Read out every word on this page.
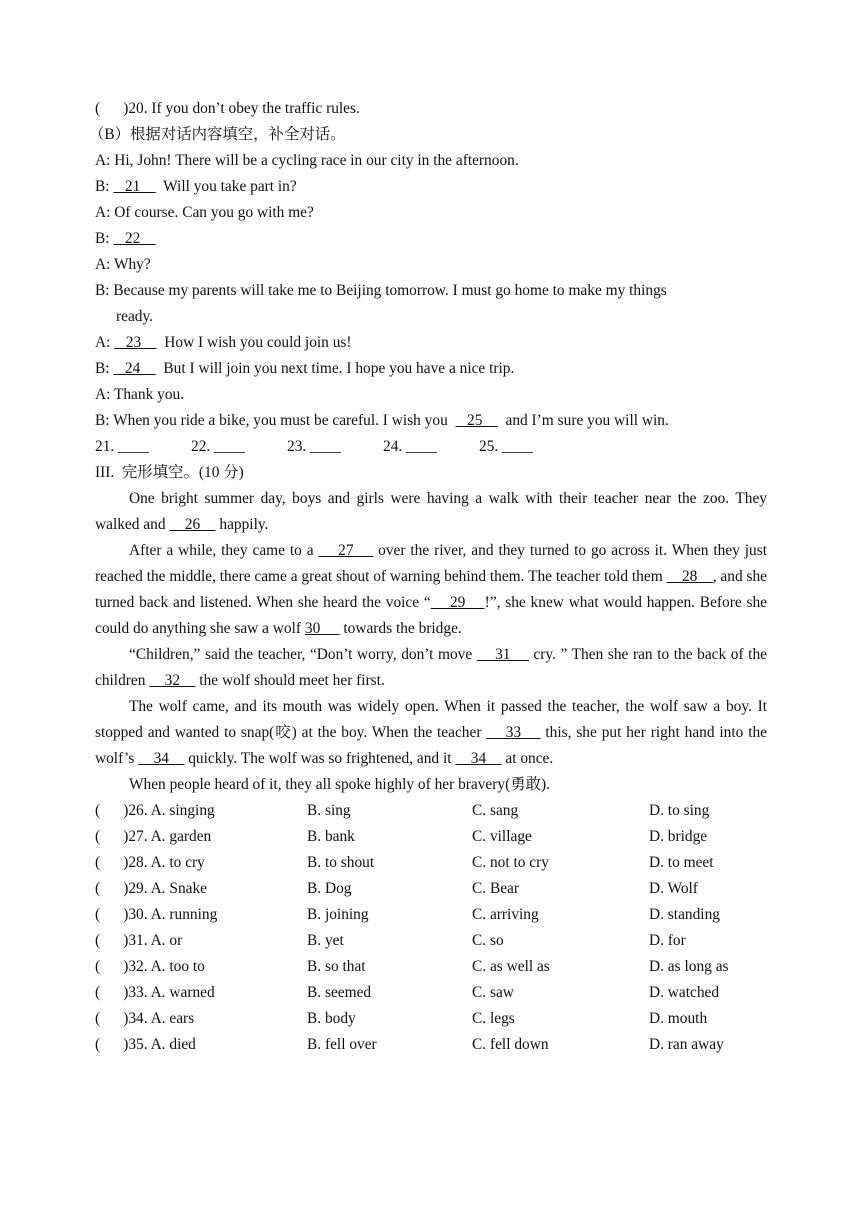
(      )20. If you don’t obey the traffic rules.
（B）根据对话内容填空，补全对话。
A: Hi, John! There will be a cycling race in our city in the afternoon.
B:    21      Will you take part in?
A: Of course. Can you go with me?
B:    22
A: Why?
B: Because my parents will take me to Beijing tomorrow. I must go home to make my things
ready.
A:    23      How I wish you could join us!
B:    24      But I will join you next time. I hope you have a nice trip.
A: Thank you.
B: When you ride a bike, you must be careful. I wish you     25      and I’m sure you will win.
21. ____	22. ____	23. ____	24. ____	25. ____
III.  完形填空。(10 分)
One bright summer day, boys and girls were having a walk with their teacher near the zoo. They walked and     26     happily.
After a while, they came to a     27     over the river, and they turned to go across it. When they just reached the middle, there came a great shout of warning behind them. The teacher told them     28    , and she turned back and listened. When she heard the voice “    29    !”, she knew what would happen. Before she could do anything she saw a wolf 30      towards the bridge.
“Children,” said the teacher, “Don’t worry, don’t move     31     cry. ” Then she ran to the back of the children     32     the wolf should meet her first.
The wolf came, and its mouth was widely open. When it passed the teacher, the wolf saw a boy. It stopped and wanted to snap(咬) at the boy. When the teacher     33     this, she put her right hand into the wolf’s     34     quickly. The wolf was so frightened, and it     34     at once.
When people heard of it, they all spoke highly of her bravery(勇敢).
(      )26. A. singing	B. sing	C. sang	D. to sing
(      )27. A. garden	B. bank	C. village	D. bridge
(      )28. A. to cry	B. to shout	C. not to cry	D. to meet
(      )29. A. Snake	B. Dog	C. Bear	D. Wolf
(      )30. A. running	B. joining	C. arriving	D. standing
(      )31. A. or	B. yet	C. so	D. for
(      )32. A. too to	B. so that	C. as well as	D. as long as
(      )33. A. warned	B. seemed	C. saw	D. watched
(      )34. A. ears	B. body	C. legs	D. mouth
(      )35. A. died	B. fell over	C. fell down	D. ran away
